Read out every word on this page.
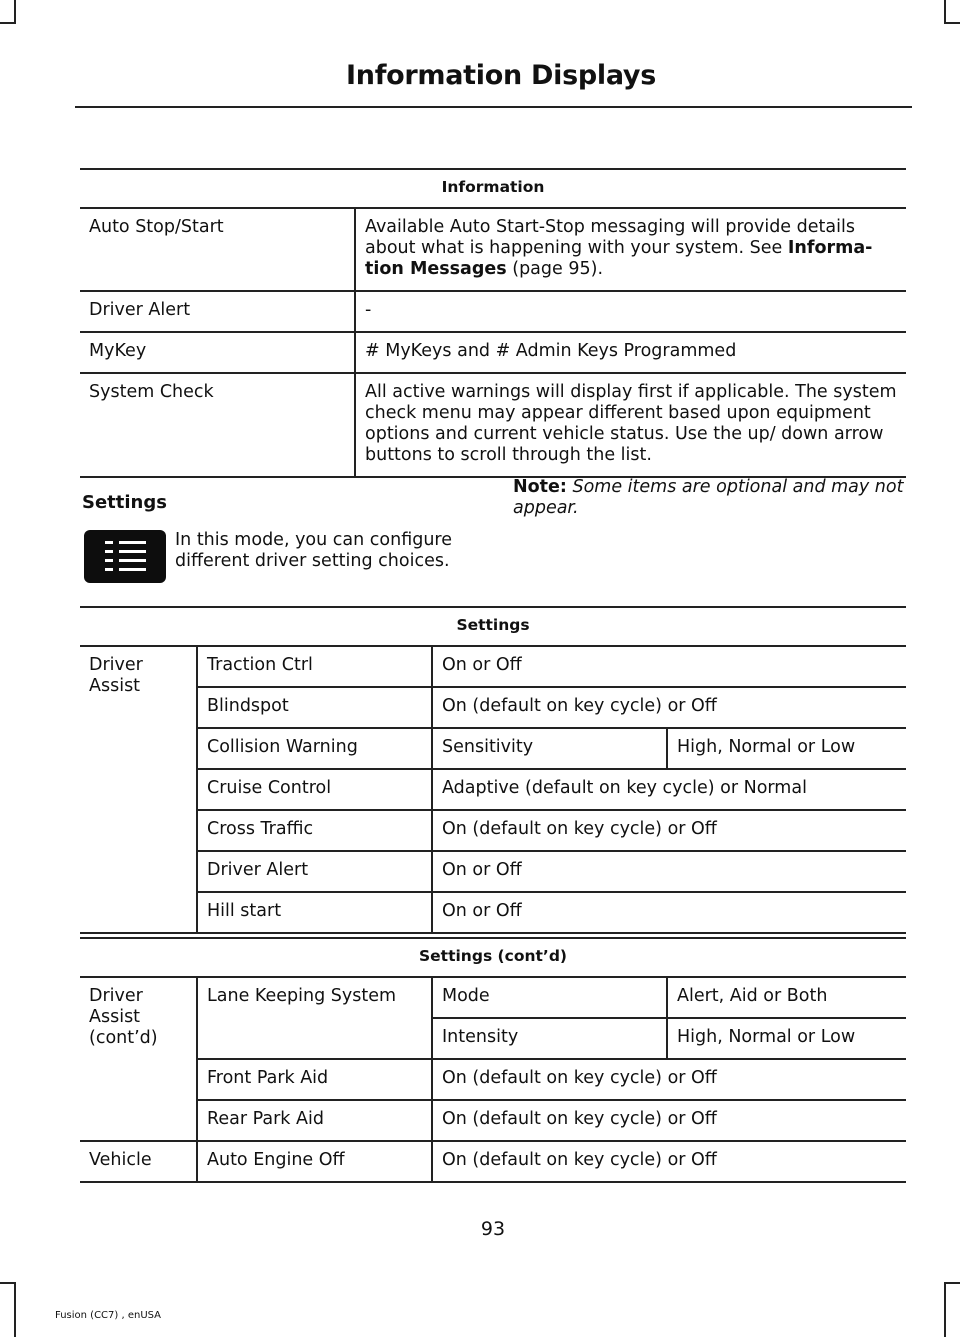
Information Displays
Information	
Auto Stop/Start	Available Auto Start-Stop messaging will provide details about what is happening with your system. See Informa-tion Messages (page 95).
Driver Alert	-
MyKey	# MyKeys and # Admin Keys Programmed
System Check	All active warnings will display first if applicable. The system check menu may appear different based upon equipment options and current vehicle status. Use the up/ down arrow buttons to scroll through the list.
Settings
In this mode, you can configure different driver setting choices.
Note: Some items are optional and may not appear.
Settings			
Driver Assist	Traction Ctrl	On or Off	
	Blindspot	On (default on key cycle) or Off	
	Collision Warning	Sensitivity	High, Normal or Low
	Cruise Control	Adaptive (default on key cycle) or Normal	
	Cross Traffic	On (default on key cycle) or Off	
	Driver Alert	On or Off	
	Hill start	On or Off	
Settings (cont’d)			
Driver Assist (cont’d)	Lane Keeping System	Mode	Alert, Aid or Both
		Intensity	High, Normal or Low
	Front Park Aid	On (default on key cycle) or Off	
	Rear Park Aid	On (default on key cycle) or Off	
Vehicle	Auto Engine Off	On (default on key cycle) or Off	
93
Fusion (CC7) , enUSA
